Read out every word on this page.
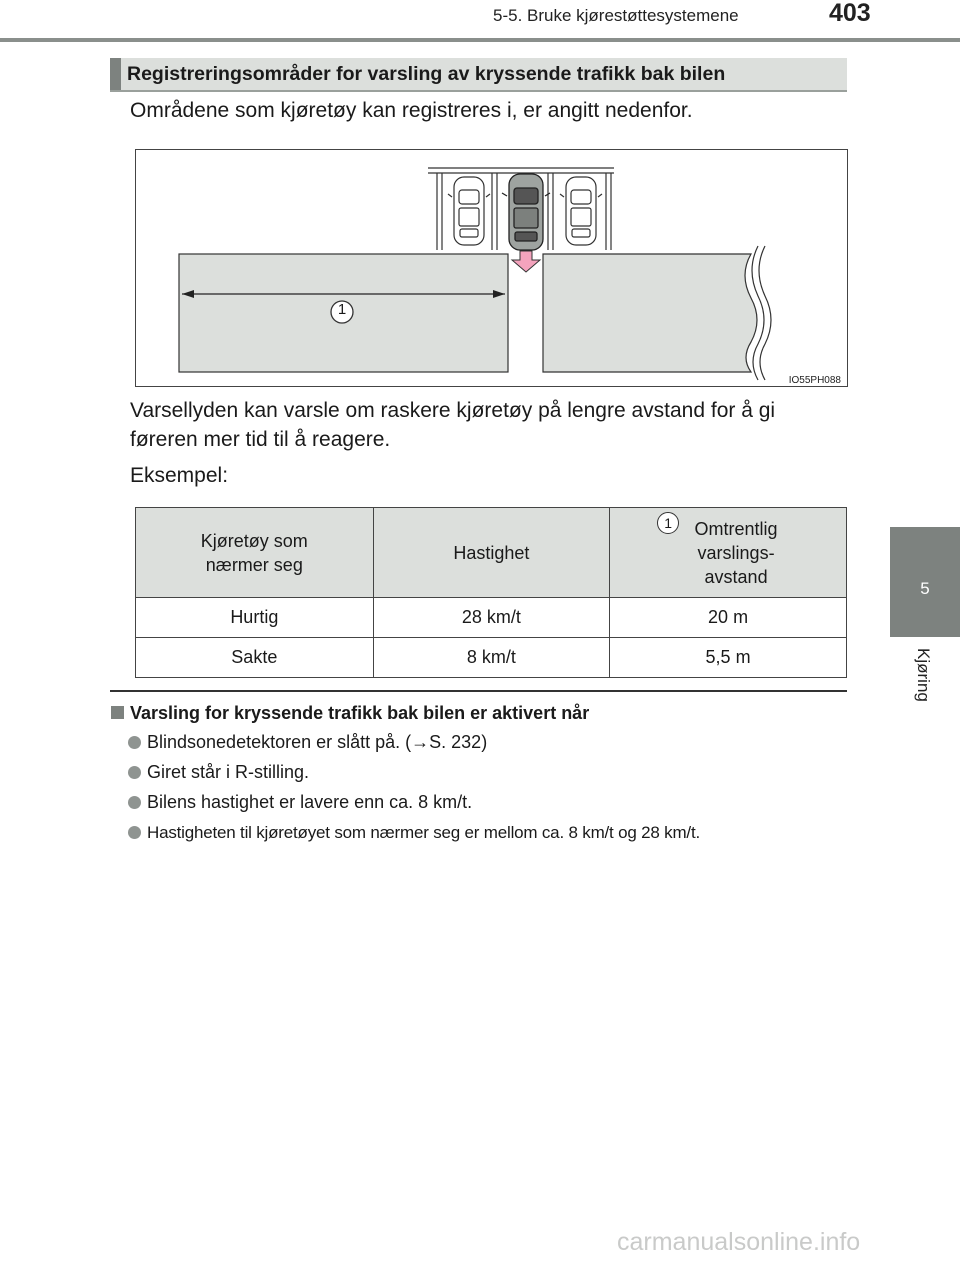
5-5. Bruke kjørestøttesystemene	403
5
Kjøring
Registreringsområder for varsling av kryssende trafikk bak bilen
Områdene som kjøretøy kan registreres i, er angitt nedenfor.
1
IO55PH088
Varsellyden kan varsle om raskere kjøretøy på lengre avstand for å gi
føreren mer tid til å reagere.
Eksempel:
Kjøretøy som nærmer seg	Hastighet	1 Omtrentlig varslings- avstand

Hurtig	28 km/t	20 m
Sakte	8 km/t	5,5 m
Varsling for kryssende trafikk bak bilen er aktivert når
Blindsonedetektoren er slått på. (→S. 232)
Giret står i R-stilling.
Bilens hastighet er lavere enn ca. 8 km/t.
Hastigheten til kjøretøyet som nærmer seg er mellom ca. 8 km/t og 28 km/t.
carmanualsonline.info
